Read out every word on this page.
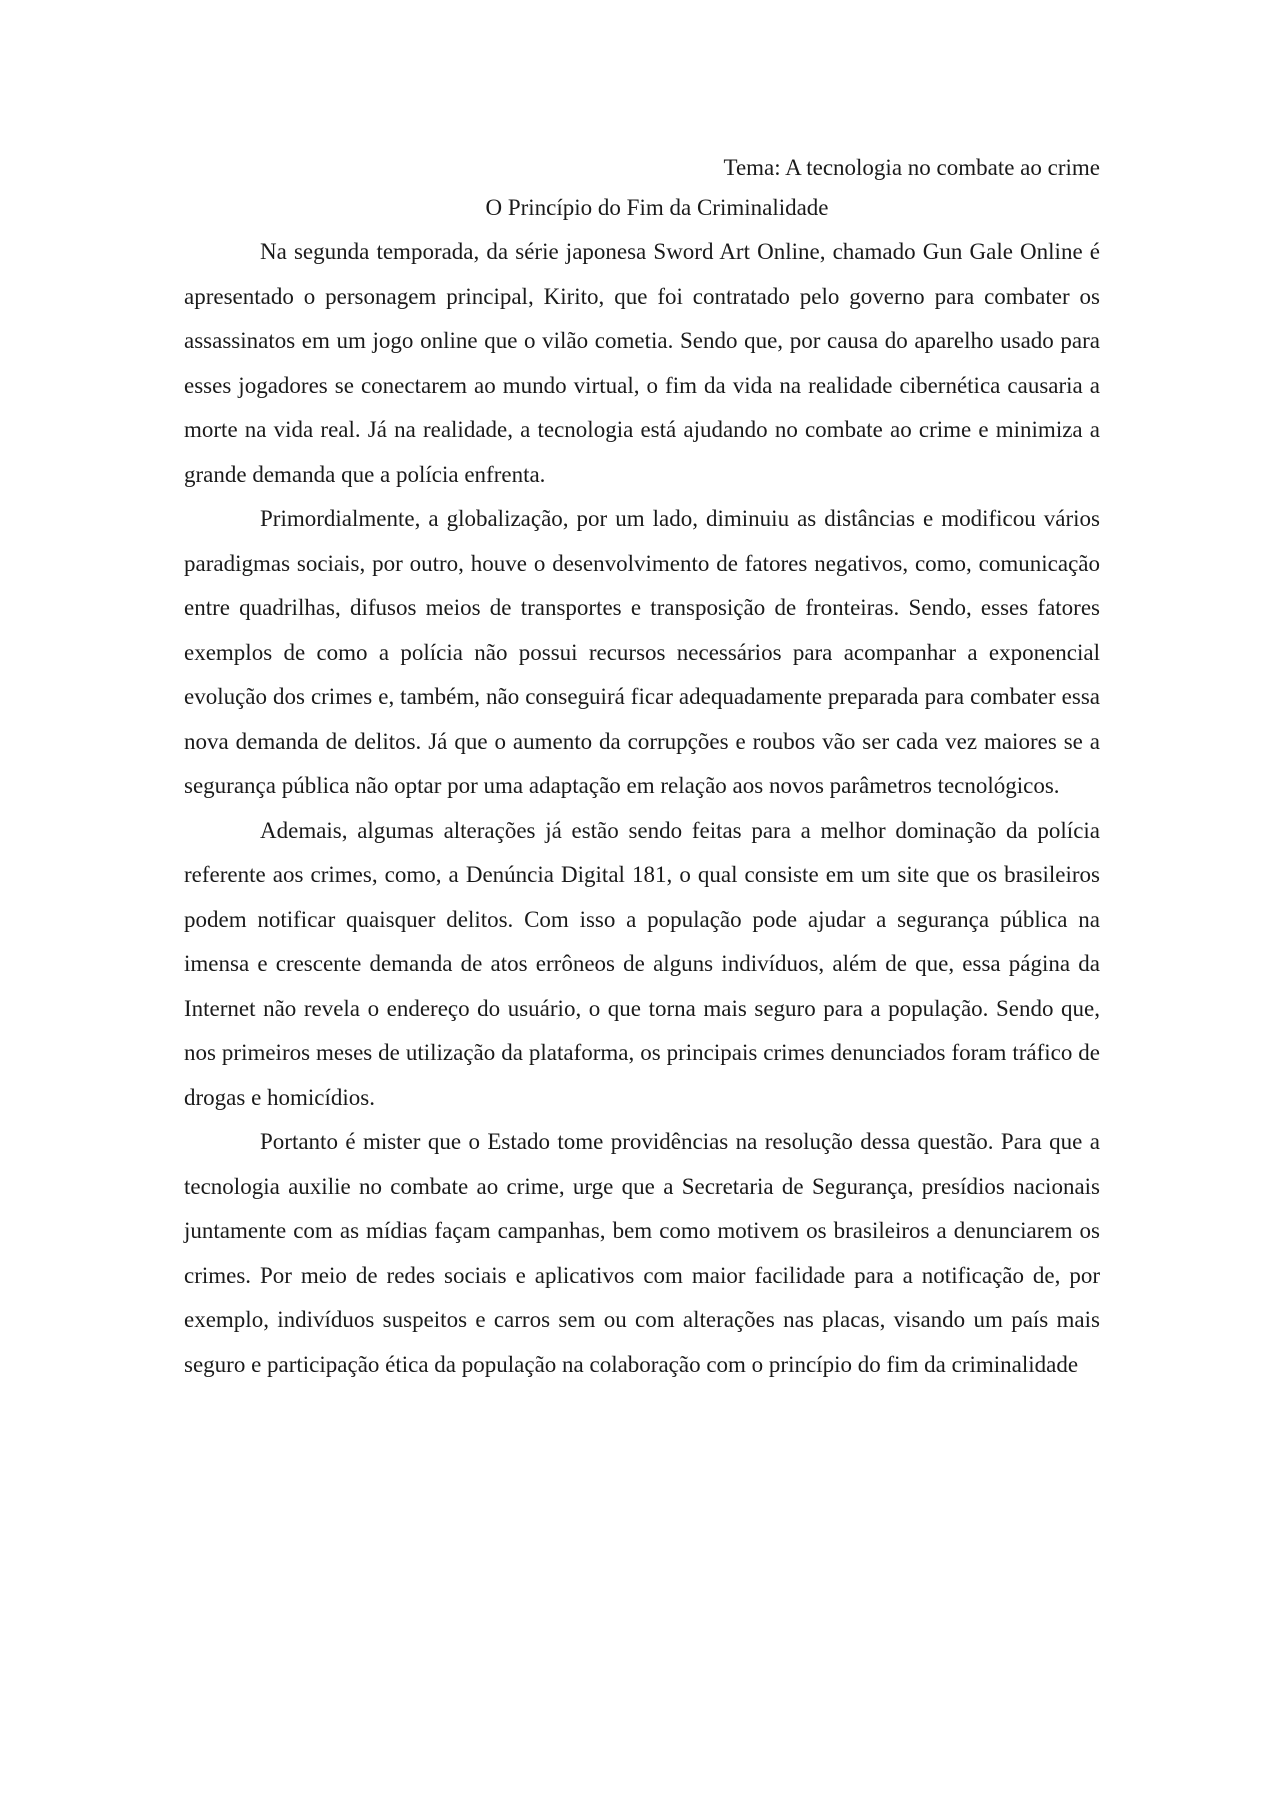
Tema: A tecnologia no combate ao crime

O Princípio do Fim da Criminalidade

Na segunda temporada, da série japonesa Sword Art Online, chamado Gun Gale Online é apresentado o personagem principal, Kirito, que foi contratado pelo governo para combater os assassinatos em um jogo online que o vilão cometia. Sendo que, por causa do aparelho usado para esses jogadores se conectarem ao mundo virtual, o fim da vida na realidade cibernética causaria a morte na vida real. Já na realidade, a tecnologia está ajudando no combate ao crime e minimiza a grande demanda que a polícia enfrenta.

Primordialmente, a globalização, por um lado, diminuiu as distâncias e modificou vários paradigmas sociais, por outro, houve o desenvolvimento de fatores negativos, como, comunicação entre quadrilhas, difusos meios de transportes e transposição de fronteiras. Sendo, esses fatores exemplos de como a polícia não possui recursos necessários para acompanhar a exponencial evolução dos crimes e, também, não conseguirá ficar adequadamente preparada para combater essa nova demanda de delitos. Já que o aumento da corrupções e roubos vão ser cada vez maiores se a segurança pública não optar por uma adaptação em relação aos novos parâmetros tecnológicos.

Ademais, algumas alterações já estão sendo feitas para a melhor dominação da polícia referente aos crimes, como, a Denúncia Digital 181, o qual consiste em um site que os brasileiros podem notificar quaisquer delitos. Com isso a população pode ajudar a segurança pública na imensa e crescente demanda de atos errôneos de alguns indivíduos, além de que, essa página da Internet não revela o endereço do usuário, o que torna mais seguro para a população. Sendo que, nos primeiros meses de utilização da plataforma, os principais crimes denunciados foram tráfico de drogas e homicídios.

Portanto é mister que o Estado tome providências na resolução dessa questão. Para que a tecnologia auxilie no combate ao crime, urge que a Secretaria de Segurança, presídios nacionais juntamente com as mídias façam campanhas, bem como motivem os brasileiros a denunciarem os crimes. Por meio de redes sociais e aplicativos com maior facilidade para a notificação de, por exemplo, indivíduos suspeitos e carros sem ou com alterações nas placas, visando um país mais seguro e participação ética da população na colaboração com o princípio do fim da criminalidade
